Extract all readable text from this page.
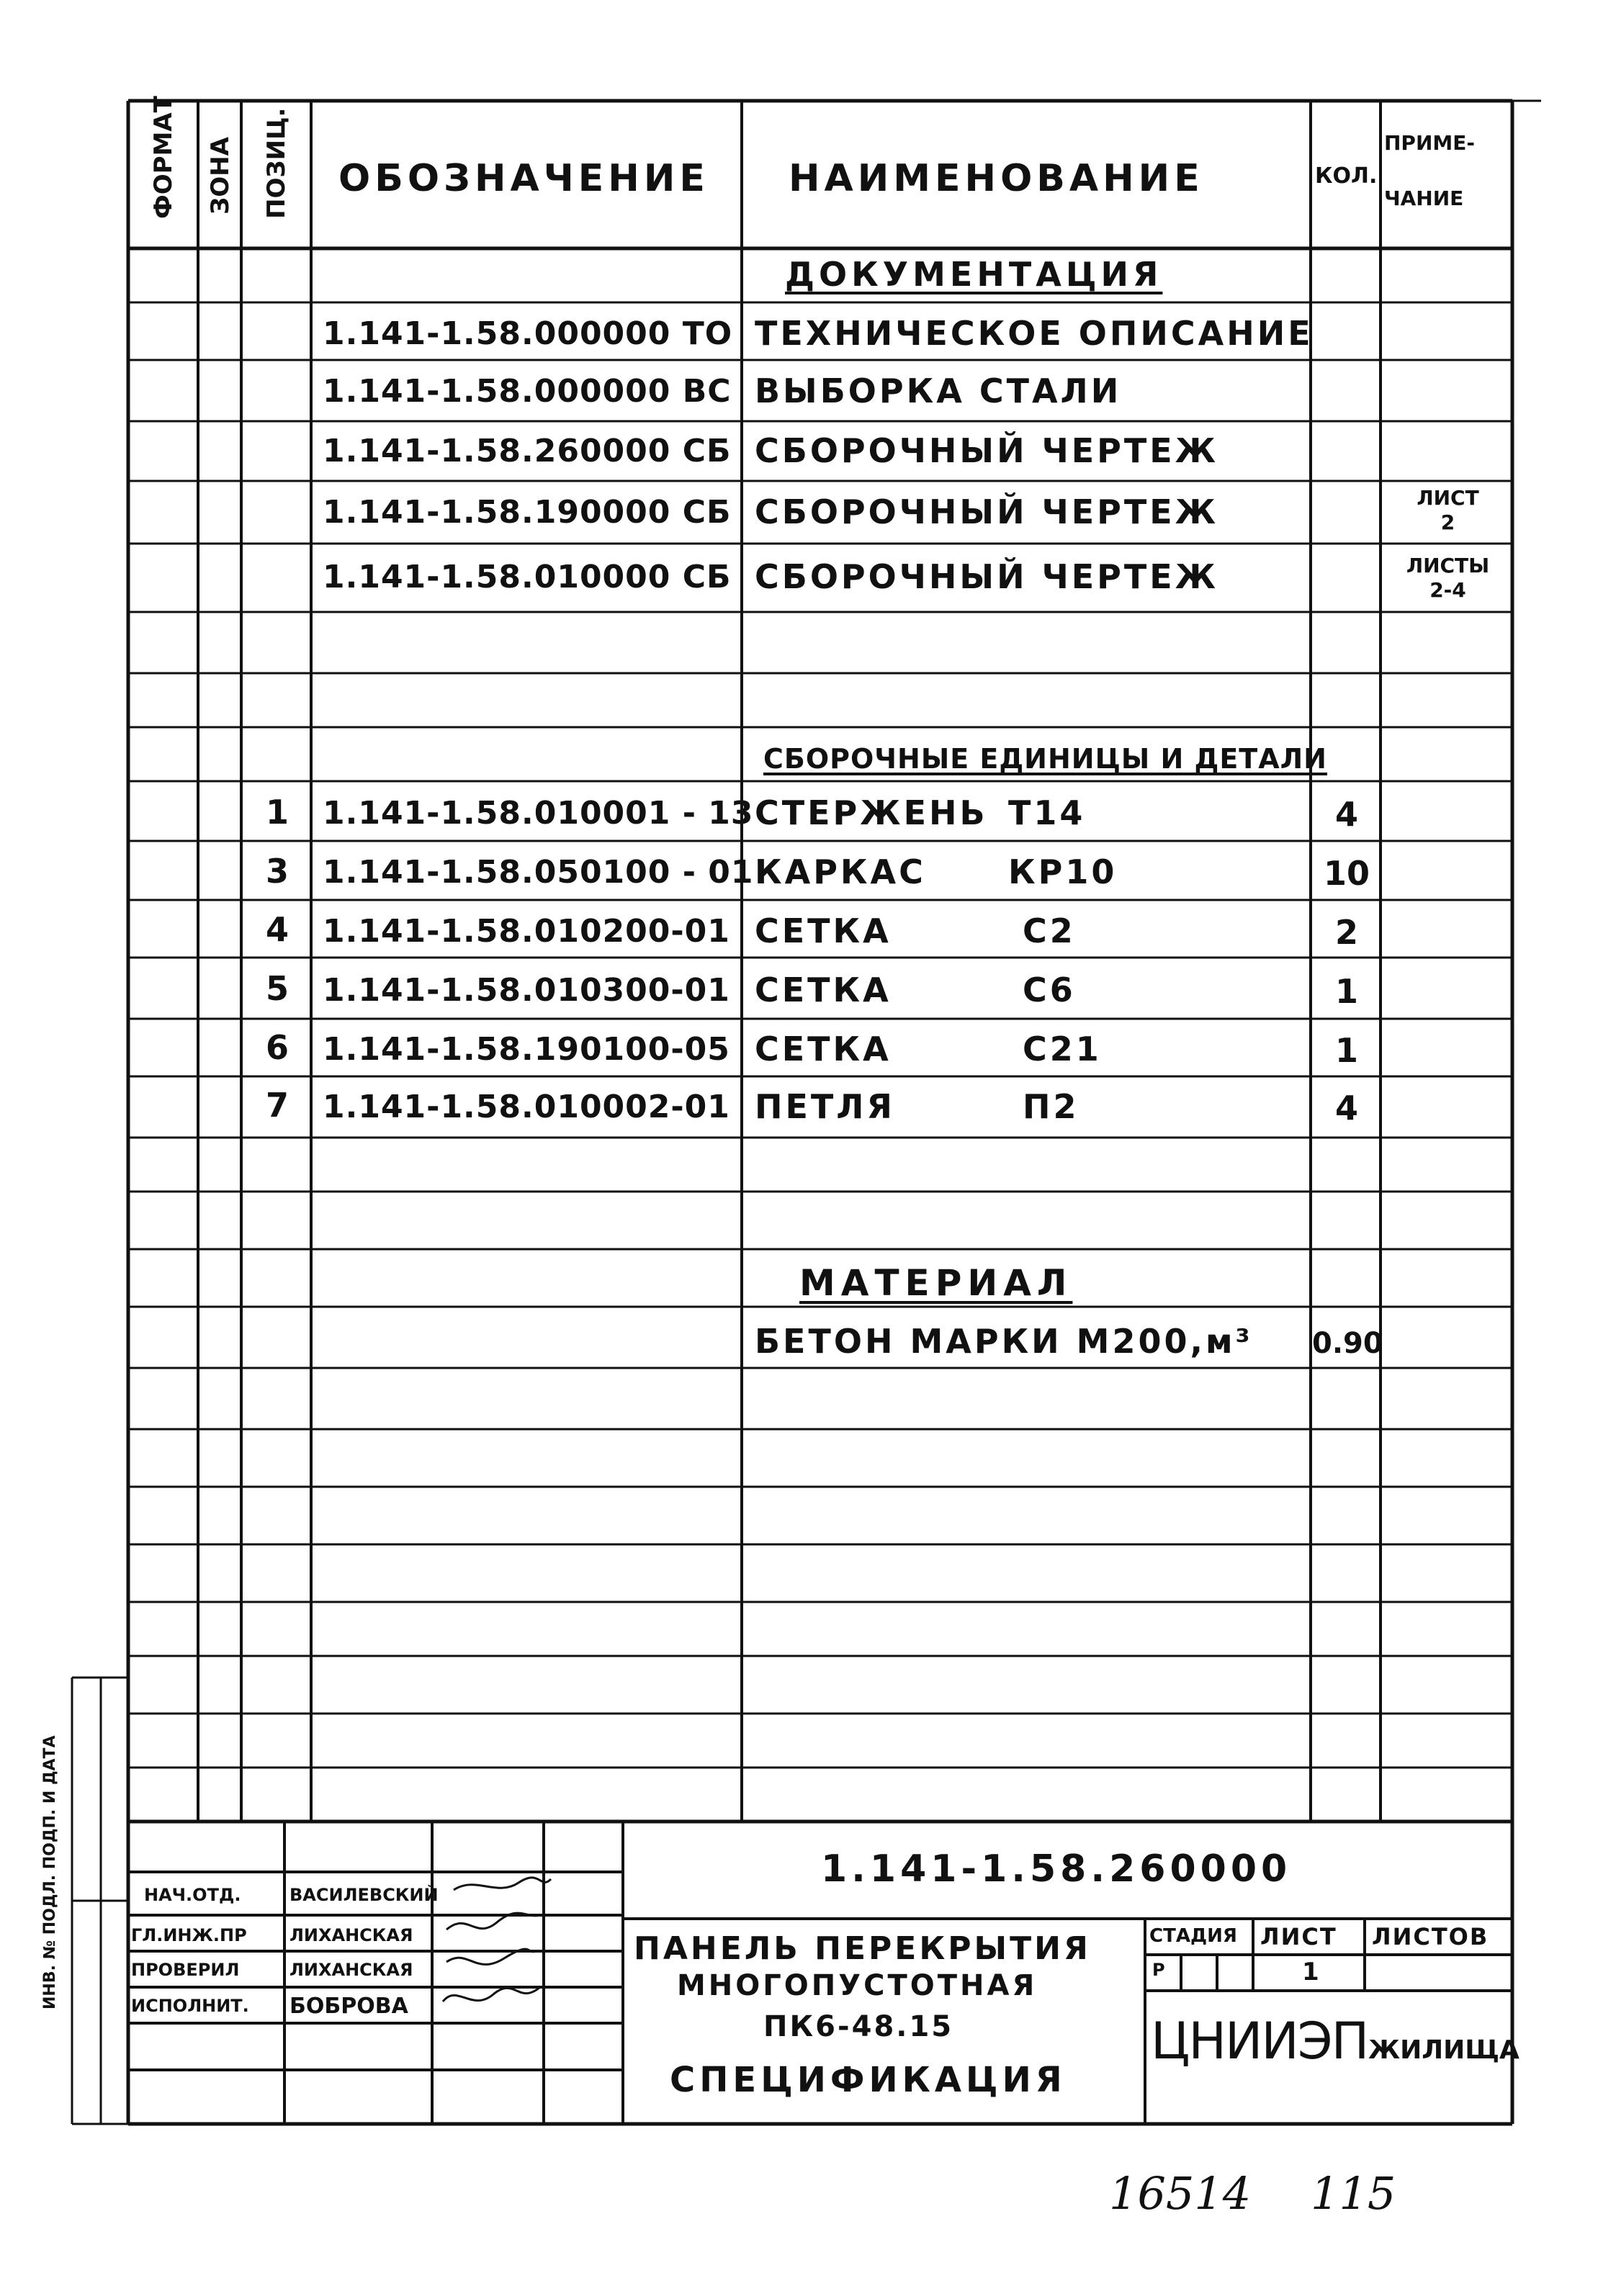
ФОРМАТ ЗОНА ПОЗИЦ. ОБОЗНАЧЕНИЕ НАИМЕНОВАНИЕ	КОЛ.
ПРИМЕ-
ЧАНИЕ
ДОКУМЕНТАЦИЯ
1.141-1.58.000000 ТО ТЕХНИЧЕСКОЕ ОПИСАНИЕ
1.141-1.58.000000 ВС ВЫБОРКА СТАЛИ
1.141-1.58.260000 СБ СБОРОЧНЫЙ ЧЕРТЕЖ
1.141-1.58.190000 СБ СБОРОЧНЫЙ ЧЕРТЕЖ	ЛИСТ
2
1.141-1.58.010000 СБ СБОРОЧНЫЙ ЧЕРТЕЖ	ЛИСТЫ
2-4
СБОРОЧНЫЕ ЕДИНИЦЫ И ДЕТАЛИ
1 1.141-1.58.010001 - 13 СТЕРЖЕНЬ Т14	4
3 1.141-1.58.050100 - 01 КАРКАС КР10	10
4 1.141-1.58.010200-01 СЕТКА	С2	2
5 1.141-1.58.010300-01 СЕТКА	С6	1
6 1.141-1.58.190100-05 СЕТКА	С21	1
7 1.141-1.58.010002-01 ПЕТЛЯ	П2	4
МАТЕРИАЛ
БЕТОН МАРКИ М200,м³ 0.90
1.141-1.58.260000
ПАНЕЛЬ ПЕРЕКРЫТИЯ
МНОГОПУСТОТНАЯ
ПК6-48.15
СПЕЦИФИКАЦИЯ
СТАДИЯ ЛИСТ ЛИСТОВ
Р	1
ЦНИИЭП ЖИЛИЩА
НАЧ.ОТД.	ВАСИЛЕВСКИЙ
ГЛ.ИНЖ.ПР ЛИХАНСКАЯ
ПРОВЕРИЛ	ЛИХАНСКАЯ
ИСПОЛНИТ. БОБРОВА
ИНВ. № ПОДЛ. ПОДП. И ДАТА
16514 115
